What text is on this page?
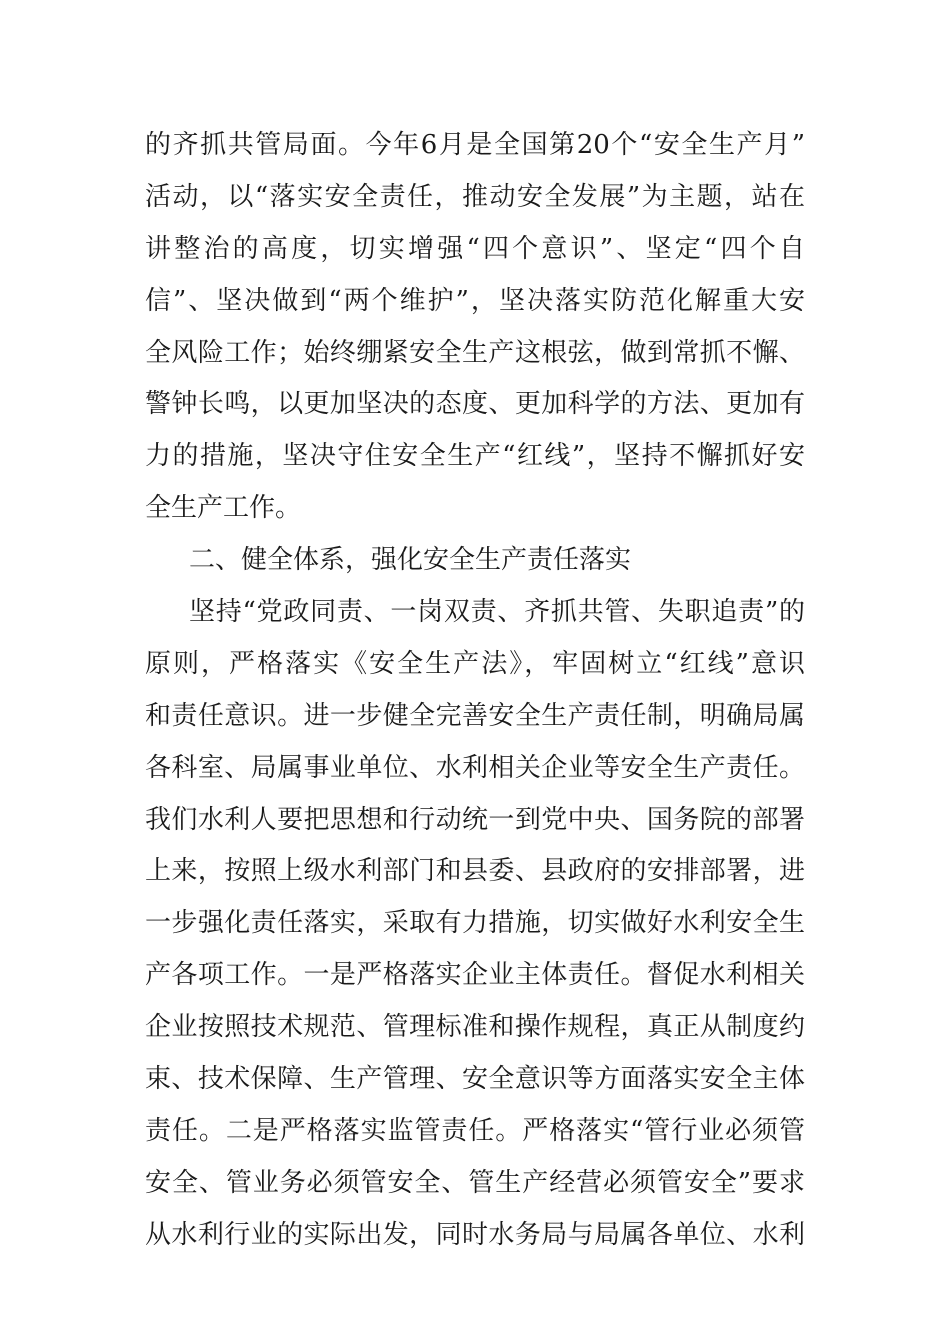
的齐抓共管局面。今年6月是全国第20个“安全生产月”
活动，以“落实安全责任，推动安全发展”为主题，站在
讲整治的高度，切实增强“四个意识”、坚定“四个自
信”、坚决做到“两个维护”，坚决落实防范化解重大安
全风险工作；始终绷紧安全生产这根弦，做到常抓不懈、
警钟长鸣，以更加坚决的态度、更加科学的方法、更加有
力的措施，坚决守住安全生产“红线”，坚持不懈抓好安
全生产工作。
二、健全体系，强化安全生产责任落实
坚持“党政同责、一岗双责、齐抓共管、失职追责”的
原则，严格落实《安全生产法》，牢固树立“红线”意识
和责任意识。进一步健全完善安全生产责任制，明确局属
各科室、局属事业单位、水利相关企业等安全生产责任。
我们水利人要把思想和行动统一到党中央、国务院的部署
上来，按照上级水利部门和县委、县政府的安排部署，进
一步强化责任落实，采取有力措施，切实做好水利安全生
产各项工作。一是严格落实企业主体责任。督促水利相关
企业按照技术规范、管理标准和操作规程，真正从制度约
束、技术保障、生产管理、安全意识等方面落实安全主体
责任。二是严格落实监管责任。严格落实“管行业必须管
安全、管业务必须管安全、管生产经营必须管安全”要求
从水利行业的实际出发，同时水务局与局属各单位、水利
